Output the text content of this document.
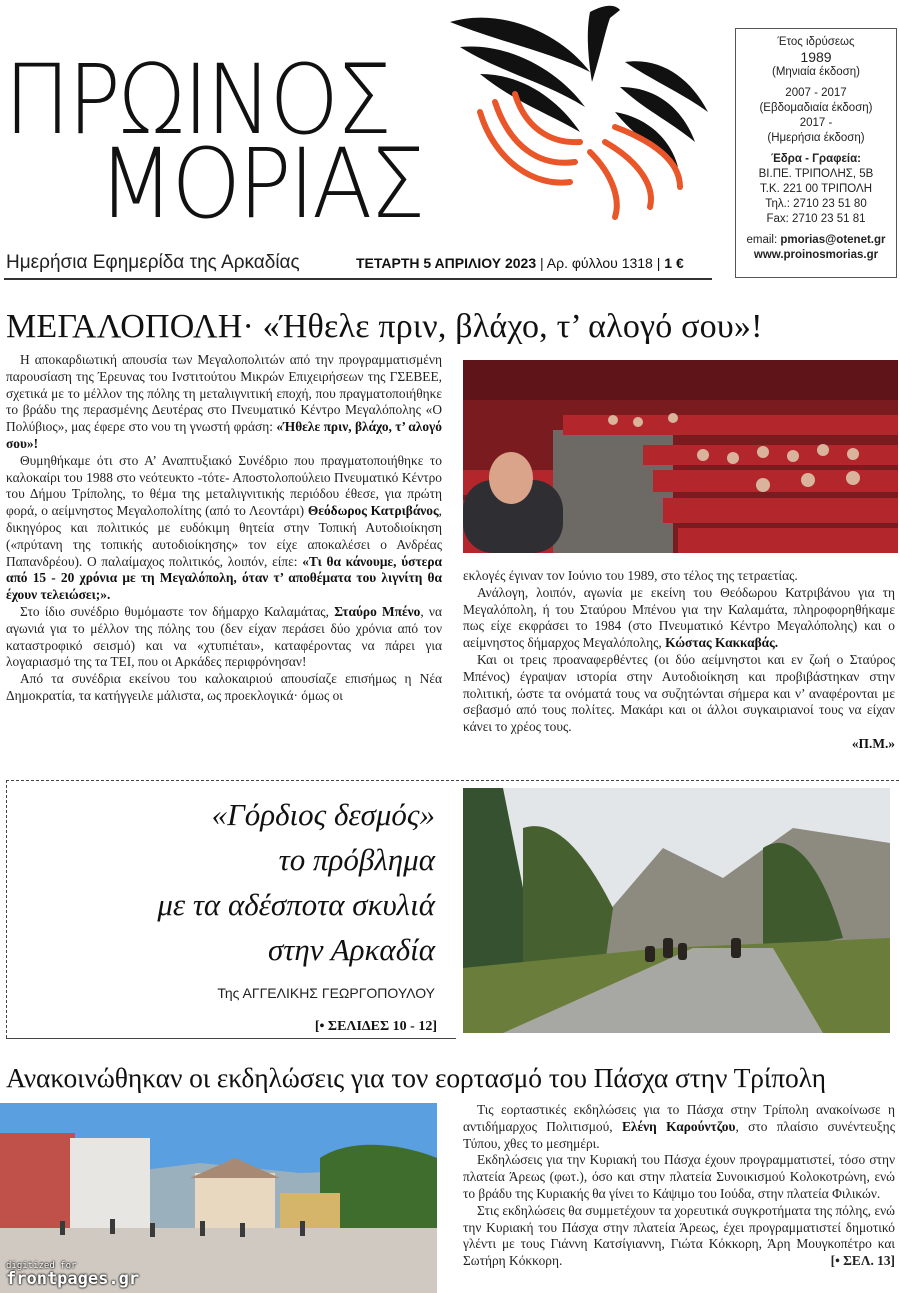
ΠΡΩΙΝΟΣ
ΜΟΡΙΑΣ
Ημερήσια Εφημερίδα της Αρκαδίας	ΤΕΤΑΡΤΗ 5 ΑΠΡΙΛΙΟΥ 2023 | Αρ. φύλλου 1318 | 1 €
Έτος ιδρύσεως
1989
(Μηνιαία έκδοση)
2007 - 2017
(Εβδομαδιαία έκδοση)
2017 -
(Ημερήσια έκδοση)
Έδρα - Γραφεία:
ΒΙ.ΠΕ. ΤΡΙΠΟΛΗΣ, 5Β
Τ.Κ. 221 00 ΤΡΙΠΟΛΗ
Τηλ.: 2710 23 51 80
Fax: 2710 23 51 81
email: pmorias@otenet.gr
www.proinosmorias.gr
ΜΕΓΑΛΟΠΟΛΗ· «Ήθελε πριν, βλάχο, τ’ αλογό σου»!

Η αποκαρδιωτική απουσία των Μεγαλοπολιτών από την προγραμματισμένη παρουσίαση της Έρευνας του Ινστιτούτου Μικρών Επιχειρήσεων της ΓΣΕΒΕΕ, σχετικά με το μέλλον της πόλης τη μεταλιγνιτική εποχή, που πραγματοποιήθηκε το βράδυ της περασμένης Δευτέρας στο Πνευματικό Κέντρο Μεγαλόπολης «Ο Πολύβιος», μας έφερε στο νου τη γνωστή φράση: «Ήθελε πριν, βλάχο, τ’ αλογό σου»!

Θυμηθήκαμε ότι στο Α’ Αναπτυξιακό Συνέδριο που πραγματοποιήθηκε το καλοκαίρι του 1988 στο νεότευκτο -τότε- Αποστολοπούλειο Πνευματικό Κέντρο του Δήμου Τρίπολης, το θέμα της μεταλιγνιτικής περιόδου έθεσε, για πρώτη φορά, ο αείμνηστος Μεγαλοπολίτης (από το Λεοντάρι) Θεόδωρος Κατριβάνος, δικηγόρος και πολιτικός με ευδόκιμη θητεία στην Τοπική Αυτοδιοίκηση («πρύτανη της τοπικής αυτοδιοίκησης» τον είχε αποκαλέσει ο Ανδρέας Παπανδρέου). Ο παλαίμαχος πολιτικός, λοιπόν, είπε: «Τι θα κάνουμε, ύστερα από 15 - 20 χρόνια με τη Μεγαλόπολη, όταν τ’ αποθέματα του λιγνίτη θα έχουν τελειώσει;».

Στο ίδιο συνέδριο θυμόμαστε τον δήμαρχο Καλαμάτας, Σταύρο Μπένο, να αγωνιά για το μέλλον της πόλης του (δεν είχαν περάσει δύο χρόνια από τον καταστροφικό σεισμό) και να «χτυπιέται», καταφέροντας να πάρει για λογαριασμό της τα ΤΕΙ, που οι Αρκάδες περιφρόνησαν!

Από τα συνέδρια εκείνου του καλοκαιριού απουσίαζε επισήμως η Νέα Δημοκρατία, τα κατήγγειλε μάλιστα, ως προεκλογικά· όμως οι

εκλογές έγιναν τον Ιούνιο του 1989, στο τέλος της τετραετίας.

Ανάλογη, λοιπόν, αγωνία με εκείνη του Θεόδωρου Κατριβάνου για τη Μεγαλόπολη, ή του Σταύρου Μπένου για την Καλαμάτα, πληροφορηθήκαμε πως είχε εκφράσει το 1984 (στο Πνευματικό Κέντρο Μεγαλόπολης) και ο αείμνηστος δήμαρχος Μεγαλόπολης, Κώστας Κακκαβάς.

Και οι τρεις προαναφερθέντες (οι δύο αείμνηστοι και εν ζωή ο Σταύρος Μπένος) έγραψαν ιστορία στην Αυτοδιοίκηση και προβιβάστηκαν στην πολιτική, ώστε τα ονόματά τους να συζητώνται σήμερα και ν’ αναφέρονται με σεβασμό από τους πολίτες. Μακάρι και οι άλλοι συγκαιριανοί τους να είχαν κάνει το χρέος τους.

«Π.Μ.»

«Γόρδιος δεσμός»
το πρόβλημα
με τα αδέσποτα σκυλιά
στην Αρκαδία
Της ΑΓΓΕΛΙΚΗΣ ΓΕΩΡΓΟΠΟΥΛΟΥ
[• ΣΕΛΙΔΕΣ 10 - 12]
Ανακοινώθηκαν οι εκδηλώσεις για τον εορτασμό του Πάσχα στην Τρίπολη

Τις εορταστικές εκδηλώσεις για το Πάσχα στην Τρίπολη ανακοίνωσε η αντιδήμαρχος Πολιτισμού, Ελένη Καρούντζου, στο πλαίσιο συνέντευξης Τύπου, χθες το μεσημέρι.

Εκδηλώσεις για την Κυριακή του Πάσχα έχουν προγραμματιστεί, τόσο στην πλατεία Άρεως (φωτ.), όσο και στην πλατεία Συνοικισμού Κολοκοτρώνη, ενώ το βράδυ της Κυριακής θα γίνει το Κάψιμο του Ιούδα, στην πλατεία Φιλικών.

Στις εκδηλώσεις θα συμμετέχουν τα χορευτικά συγκροτήματα της πόλης, ενώ την Κυριακή του Πάσχα στην πλατεία Άρεως, έχει προγραμματιστεί δημοτικό γλέντι με τους Γιάννη Κατσίγιαννη, Γιώτα Κόκκορη, Άρη Μουγκοπέτρο και Σωτήρη Κόκκορη.	[• ΣΕΛ. 13]

digitized for
frontpages.gr
